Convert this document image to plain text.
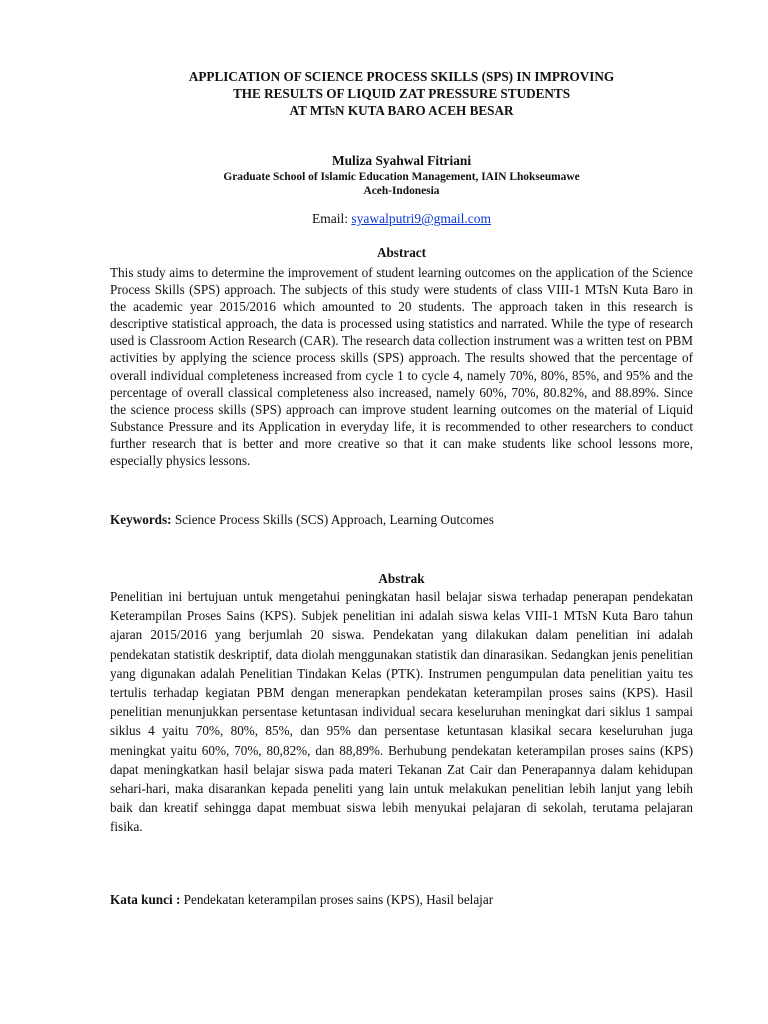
APPLICATION OF SCIENCE PROCESS SKILLS (SPS) IN IMPROVING
THE RESULTS OF LIQUID ZAT PRESSURE STUDENTS
AT MTsN KUTA BARO ACEH BESAR
Muliza Syahwal Fitriani
Graduate School of Islamic Education Management, IAIN Lhokseumawe
Aceh-Indonesia
Email: syawalputri9@gmail.com
Abstract
This study aims to determine the improvement of student learning outcomes on the application of the Science Process Skills (SPS) approach. The subjects of this study were students of class VIII-1 MTsN Kuta Baro in the academic year 2015/2016 which amounted to 20 students. The approach taken in this research is descriptive statistical approach, the data is processed using statistics and narrated. While the type of research used is Classroom Action Research (CAR). The research data collection instrument was a written test on PBM activities by applying the science process skills (SPS) approach. The results showed that the percentage of overall individual completeness increased from cycle 1 to cycle 4, namely 70%, 80%, 85%, and 95% and the percentage of overall classical completeness also increased, namely 60%, 70%, 80.82%, and 88.89%. Since the science process skills (SPS) approach can improve student learning outcomes on the material of Liquid Substance Pressure and its Application in everyday life, it is recommended to other researchers to conduct further research that is better and more creative so that it can make students like school lessons more, especially physics lessons.
Keywords: Science Process Skills (SCS) Approach, Learning Outcomes
Abstrak
Penelitian ini bertujuan untuk mengetahui peningkatan hasil belajar siswa terhadap penerapan pendekatan Keterampilan Proses Sains (KPS). Subjek penelitian ini adalah siswa kelas VIII-1 MTsN Kuta Baro tahun ajaran 2015/2016 yang berjumlah 20 siswa. Pendekatan yang dilakukan dalam penelitian ini adalah pendekatan statistik deskriptif, data diolah menggunakan statistik dan dinarasikan. Sedangkan jenis penelitian yang digunakan adalah Penelitian Tindakan Kelas (PTK). Instrumen pengumpulan data penelitian yaitu tes tertulis terhadap kegiatan PBM dengan menerapkan pendekatan keterampilan proses sains (KPS). Hasil penelitian menunjukkan persentase ketuntasan individual secara keseluruhan meningkat dari siklus 1 sampai siklus 4 yaitu 70%, 80%, 85%, dan 95% dan persentase ketuntasan klasikal secara keseluruhan juga meningkat yaitu 60%, 70%, 80,82%, dan 88,89%. Berhubung pendekatan keterampilan proses sains (KPS) dapat meningkatkan hasil belajar siswa pada materi Tekanan Zat Cair dan Penerapannya dalam kehidupan sehari-hari, maka disarankan kepada peneliti yang lain untuk melakukan penelitian lebih lanjut yang lebih baik dan kreatif sehingga dapat membuat siswa lebih menyukai pelajaran di sekolah, terutama pelajaran fisika.
Kata kunci : Pendekatan keterampilan proses sains (KPS), Hasil belajar
